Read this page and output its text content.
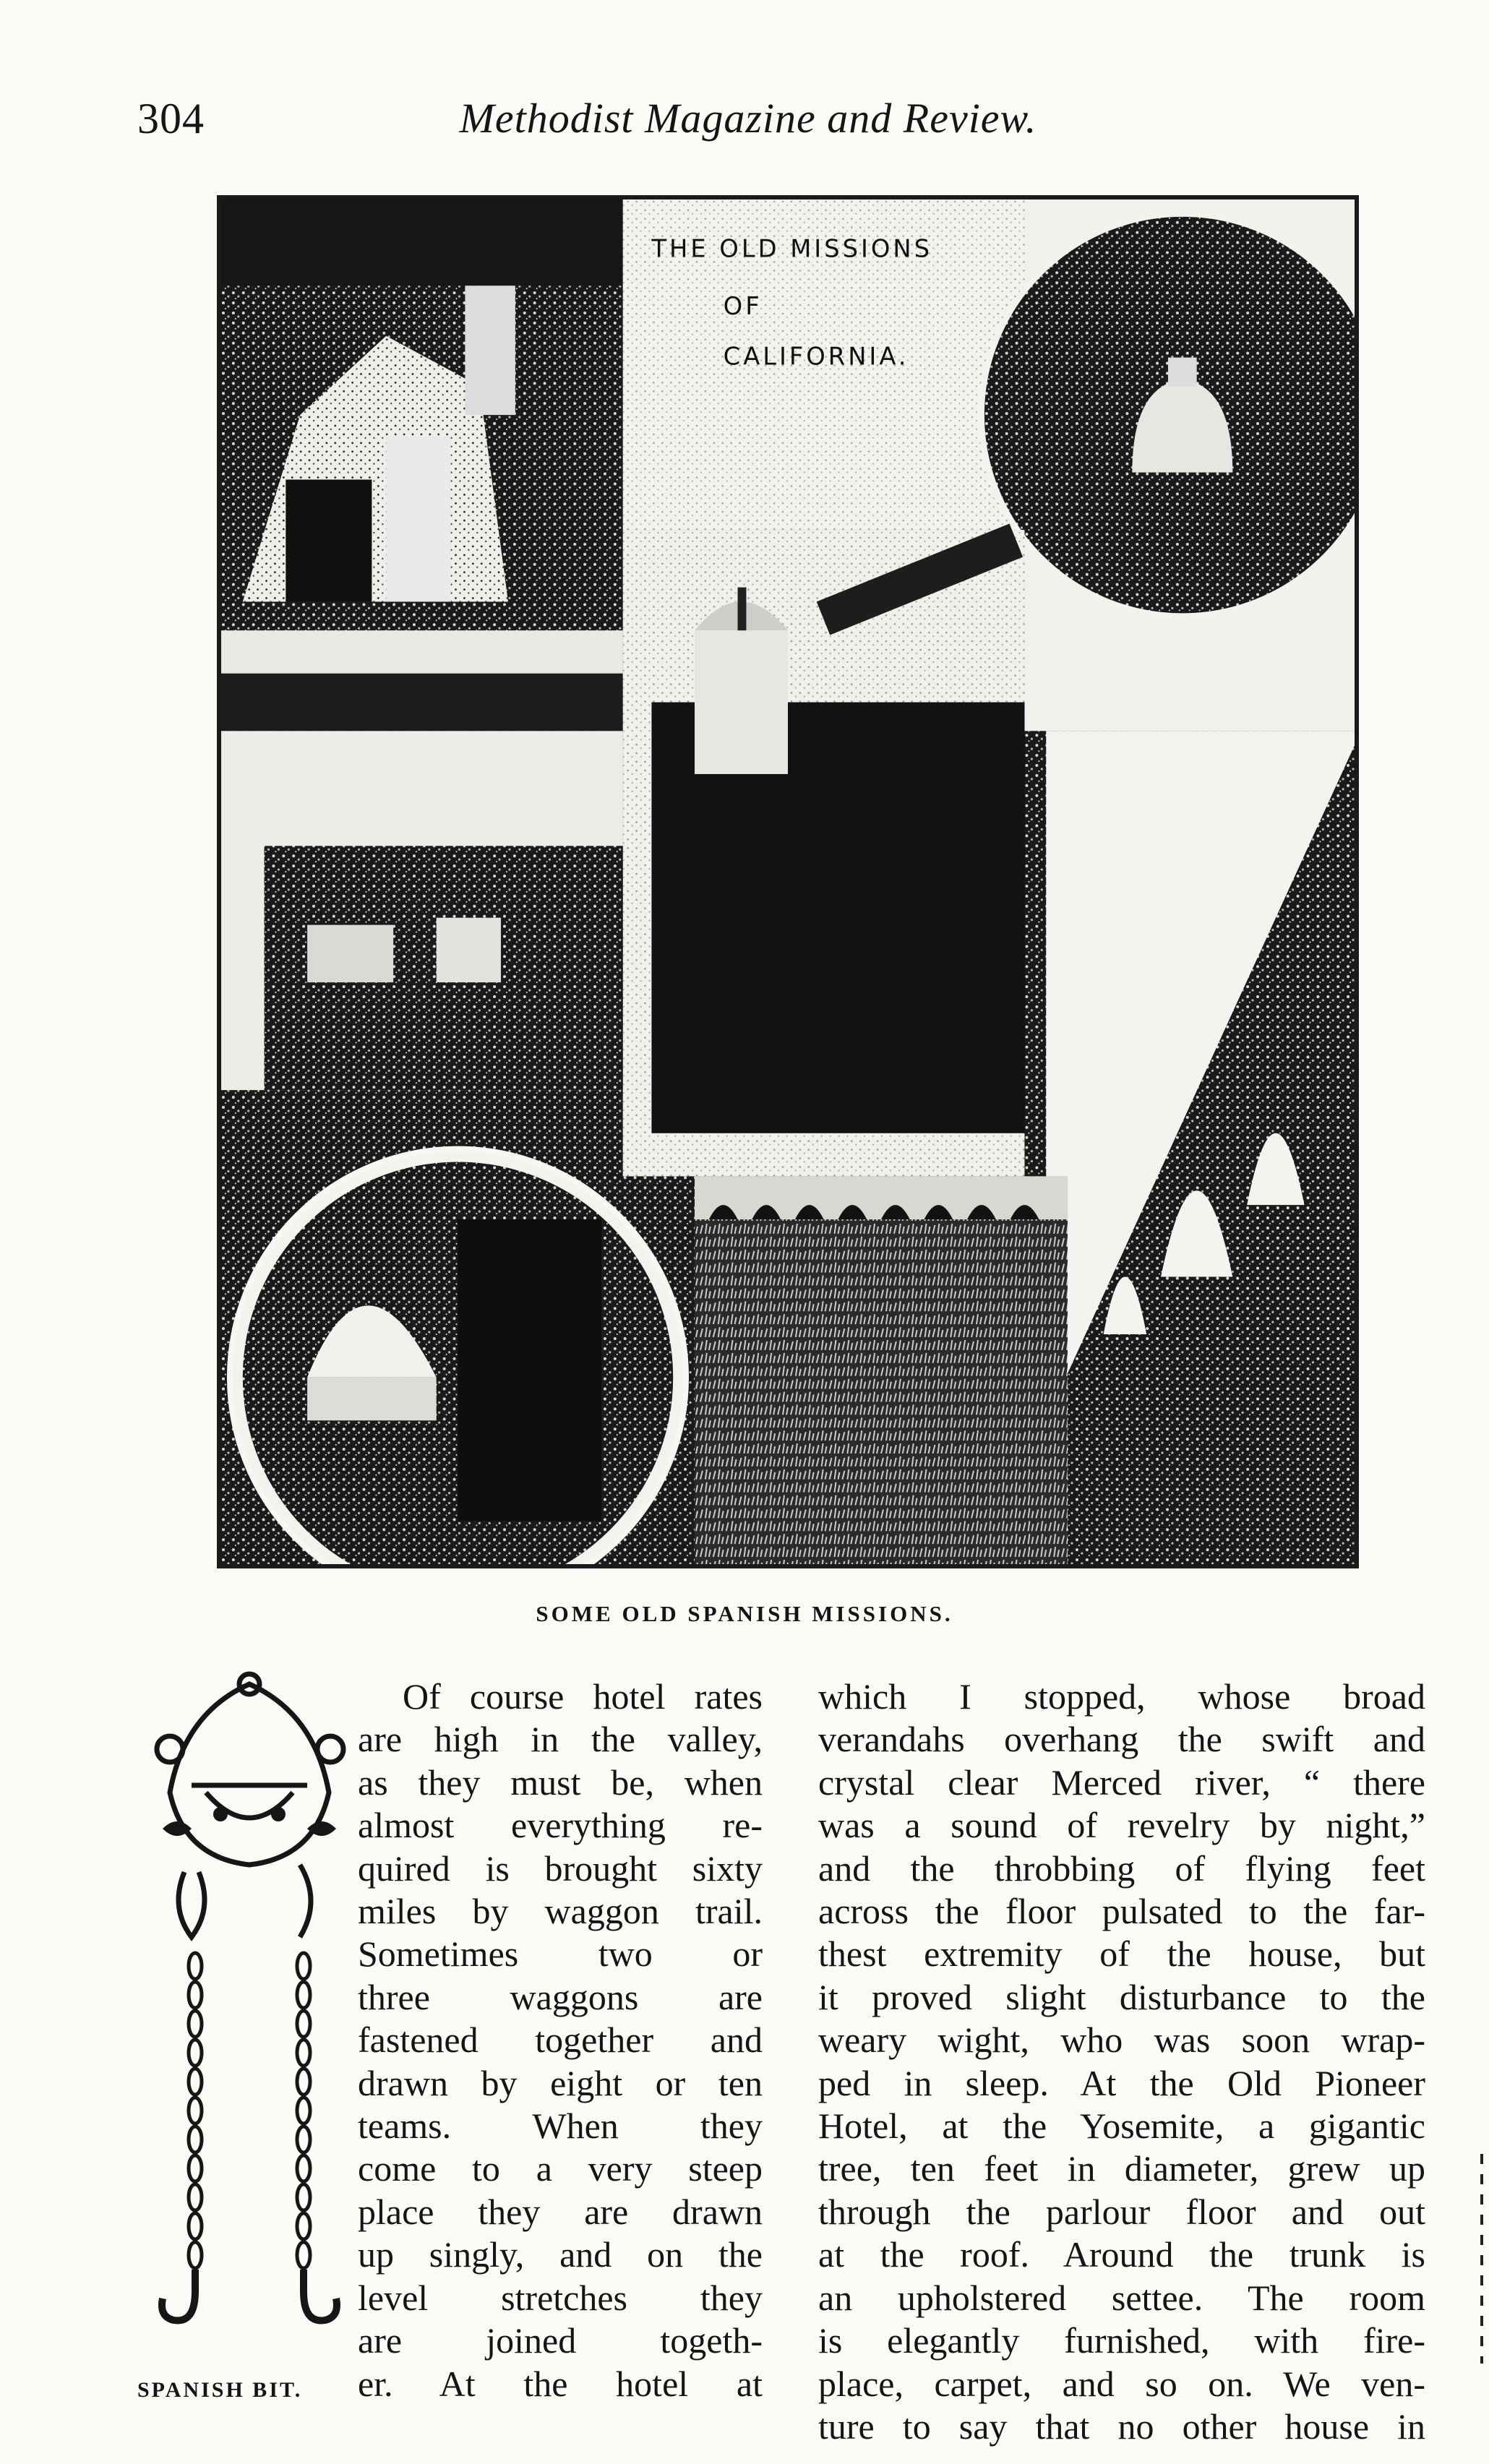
304	Methodist Magazine and Review.
THE OLD MISSIONS
OF
CALIFORNIA.
SOME OLD SPANISH MISSIONS.
SPANISH BIT.
Of course hotel rates
are high in the valley,
as they must be, when
almost everything re-
quired is brought sixty
miles by waggon trail.
Sometimes two or
three waggons are
fastened together and
drawn by eight or ten
teams. When they
come to a very steep
place they are drawn
up singly, and on the
level stretches they
are joined togeth-
er. At the hotel at
which I stopped, whose broad
verandahs overhang the swift and
crystal clear Merced river, “ there
was a sound of revelry by night,”
and the throbbing of flying feet
across the floor pulsated to the far-
thest extremity of the house, but
it proved slight disturbance to the
weary wight, who was soon wrap-
ped in sleep. At the Old Pioneer
Hotel, at the Yosemite, a gigantic
tree, ten feet in diameter, grew up
through the parlour floor and out
at the roof. Around the trunk is
an upholstered settee. The room
is elegantly furnished, with fire-
place, carpet, and so on. We ven-
ture to say that no other house in
